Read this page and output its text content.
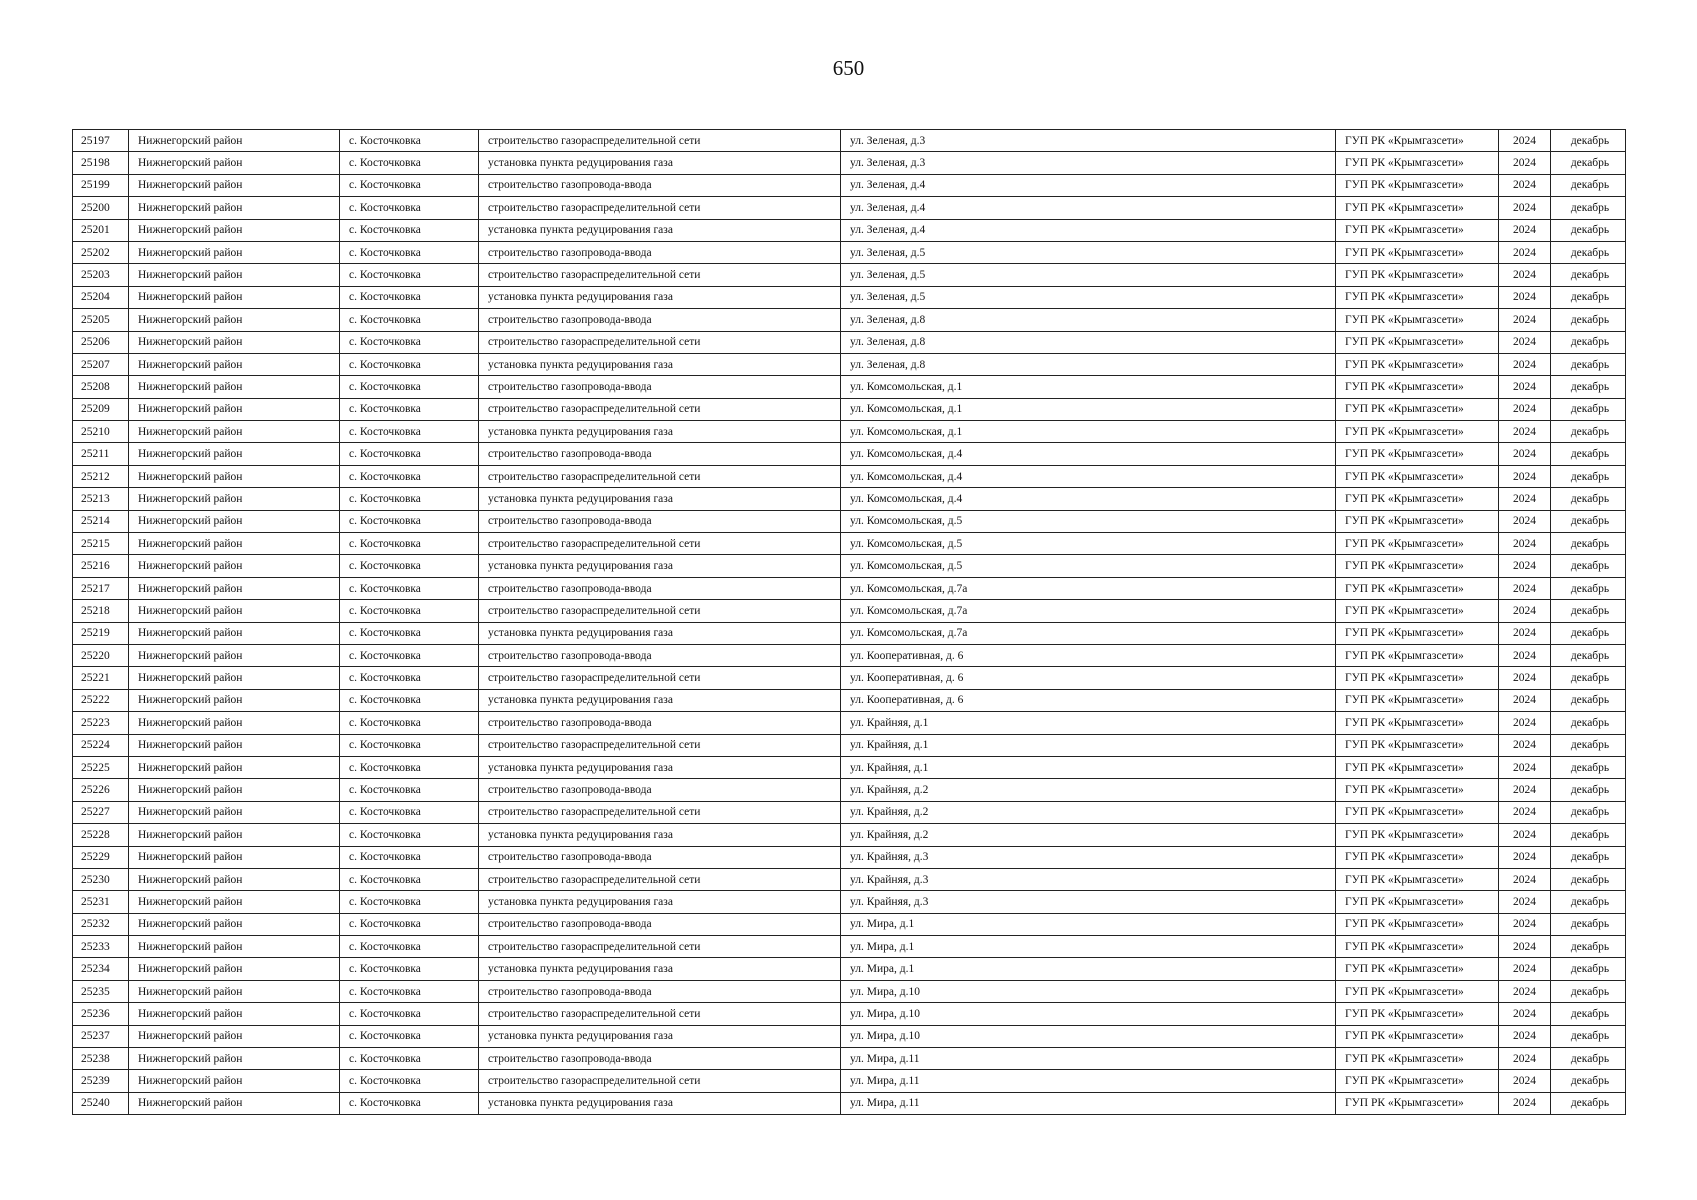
650
25197	Нижнегорский район	с. Косточковка	строительство газораспределительной сети	ул. Зеленая, д.3	ГУП РК «Крымгазсети»	2024	декабрь
25198	Нижнегорский район	с. Косточковка	установка пункта редуцирования газа	ул. Зеленая, д.3	ГУП РК «Крымгазсети»	2024	декабрь
25199	Нижнегорский район	с. Косточковка	строительство газопровода-ввода	ул. Зеленая, д.4	ГУП РК «Крымгазсети»	2024	декабрь
25200	Нижнегорский район	с. Косточковка	строительство газораспределительной сети	ул. Зеленая, д.4	ГУП РК «Крымгазсети»	2024	декабрь
25201	Нижнегорский район	с. Косточковка	установка пункта редуцирования газа	ул. Зеленая, д.4	ГУП РК «Крымгазсети»	2024	декабрь
25202	Нижнегорский район	с. Косточковка	строительство газопровода-ввода	ул. Зеленая, д.5	ГУП РК «Крымгазсети»	2024	декабрь
25203	Нижнегорский район	с. Косточковка	строительство газораспределительной сети	ул. Зеленая, д.5	ГУП РК «Крымгазсети»	2024	декабрь
25204	Нижнегорский район	с. Косточковка	установка пункта редуцирования газа	ул. Зеленая, д.5	ГУП РК «Крымгазсети»	2024	декабрь
25205	Нижнегорский район	с. Косточковка	строительство газопровода-ввода	ул. Зеленая, д.8	ГУП РК «Крымгазсети»	2024	декабрь
25206	Нижнегорский район	с. Косточковка	строительство газораспределительной сети	ул. Зеленая, д.8	ГУП РК «Крымгазсети»	2024	декабрь
25207	Нижнегорский район	с. Косточковка	установка пункта редуцирования газа	ул. Зеленая, д.8	ГУП РК «Крымгазсети»	2024	декабрь
25208	Нижнегорский район	с. Косточковка	строительство газопровода-ввода	ул. Комсомольская, д.1	ГУП РК «Крымгазсети»	2024	декабрь
25209	Нижнегорский район	с. Косточковка	строительство газораспределительной сети	ул. Комсомольская, д.1	ГУП РК «Крымгазсети»	2024	декабрь
25210	Нижнегорский район	с. Косточковка	установка пункта редуцирования газа	ул. Комсомольская, д.1	ГУП РК «Крымгазсети»	2024	декабрь
25211	Нижнегорский район	с. Косточковка	строительство газопровода-ввода	ул. Комсомольская, д.4	ГУП РК «Крымгазсети»	2024	декабрь
25212	Нижнегорский район	с. Косточковка	строительство газораспределительной сети	ул. Комсомольская, д.4	ГУП РК «Крымгазсети»	2024	декабрь
25213	Нижнегорский район	с. Косточковка	установка пункта редуцирования газа	ул. Комсомольская, д.4	ГУП РК «Крымгазсети»	2024	декабрь
25214	Нижнегорский район	с. Косточковка	строительство газопровода-ввода	ул. Комсомольская, д.5	ГУП РК «Крымгазсети»	2024	декабрь
25215	Нижнегорский район	с. Косточковка	строительство газораспределительной сети	ул. Комсомольская, д.5	ГУП РК «Крымгазсети»	2024	декабрь
25216	Нижнегорский район	с. Косточковка	установка пункта редуцирования газа	ул. Комсомольская, д.5	ГУП РК «Крымгазсети»	2024	декабрь
25217	Нижнегорский район	с. Косточковка	строительство газопровода-ввода	ул. Комсомольская, д.7а	ГУП РК «Крымгазсети»	2024	декабрь
25218	Нижнегорский район	с. Косточковка	строительство газораспределительной сети	ул. Комсомольская, д.7а	ГУП РК «Крымгазсети»	2024	декабрь
25219	Нижнегорский район	с. Косточковка	установка пункта редуцирования газа	ул. Комсомольская, д.7а	ГУП РК «Крымгазсети»	2024	декабрь
25220	Нижнегорский район	с. Косточковка	строительство газопровода-ввода	ул. Кооперативная, д. 6	ГУП РК «Крымгазсети»	2024	декабрь
25221	Нижнегорский район	с. Косточковка	строительство газораспределительной сети	ул. Кооперативная, д. 6	ГУП РК «Крымгазсети»	2024	декабрь
25222	Нижнегорский район	с. Косточковка	установка пункта редуцирования газа	ул. Кооперативная, д. 6	ГУП РК «Крымгазсети»	2024	декабрь
25223	Нижнегорский район	с. Косточковка	строительство газопровода-ввода	ул. Крайняя, д.1	ГУП РК «Крымгазсети»	2024	декабрь
25224	Нижнегорский район	с. Косточковка	строительство газораспределительной сети	ул. Крайняя, д.1	ГУП РК «Крымгазсети»	2024	декабрь
25225	Нижнегорский район	с. Косточковка	установка пункта редуцирования газа	ул. Крайняя, д.1	ГУП РК «Крымгазсети»	2024	декабрь
25226	Нижнегорский район	с. Косточковка	строительство газопровода-ввода	ул. Крайняя, д.2	ГУП РК «Крымгазсети»	2024	декабрь
25227	Нижнегорский район	с. Косточковка	строительство газораспределительной сети	ул. Крайняя, д.2	ГУП РК «Крымгазсети»	2024	декабрь
25228	Нижнегорский район	с. Косточковка	установка пункта редуцирования газа	ул. Крайняя, д.2	ГУП РК «Крымгазсети»	2024	декабрь
25229	Нижнегорский район	с. Косточковка	строительство газопровода-ввода	ул. Крайняя, д.3	ГУП РК «Крымгазсети»	2024	декабрь
25230	Нижнегорский район	с. Косточковка	строительство газораспределительной сети	ул. Крайняя, д.3	ГУП РК «Крымгазсети»	2024	декабрь
25231	Нижнегорский район	с. Косточковка	установка пункта редуцирования газа	ул. Крайняя, д.3	ГУП РК «Крымгазсети»	2024	декабрь
25232	Нижнегорский район	с. Косточковка	строительство газопровода-ввода	ул. Мира, д.1	ГУП РК «Крымгазсети»	2024	декабрь
25233	Нижнегорский район	с. Косточковка	строительство газораспределительной сети	ул. Мира, д.1	ГУП РК «Крымгазсети»	2024	декабрь
25234	Нижнегорский район	с. Косточковка	установка пункта редуцирования газа	ул. Мира, д.1	ГУП РК «Крымгазсети»	2024	декабрь
25235	Нижнегорский район	с. Косточковка	строительство газопровода-ввода	ул. Мира, д.10	ГУП РК «Крымгазсети»	2024	декабрь
25236	Нижнегорский район	с. Косточковка	строительство газораспределительной сети	ул. Мира, д.10	ГУП РК «Крымгазсети»	2024	декабрь
25237	Нижнегорский район	с. Косточковка	установка пункта редуцирования газа	ул. Мира, д.10	ГУП РК «Крымгазсети»	2024	декабрь
25238	Нижнегорский район	с. Косточковка	строительство газопровода-ввода	ул. Мира, д.11	ГУП РК «Крымгазсети»	2024	декабрь
25239	Нижнегорский район	с. Косточковка	строительство газораспределительной сети	ул. Мира, д.11	ГУП РК «Крымгазсети»	2024	декабрь
25240	Нижнегорский район	с. Косточковка	установка пункта редуцирования газа	ул. Мира, д.11	ГУП РК «Крымгазсети»	2024	декабрь
